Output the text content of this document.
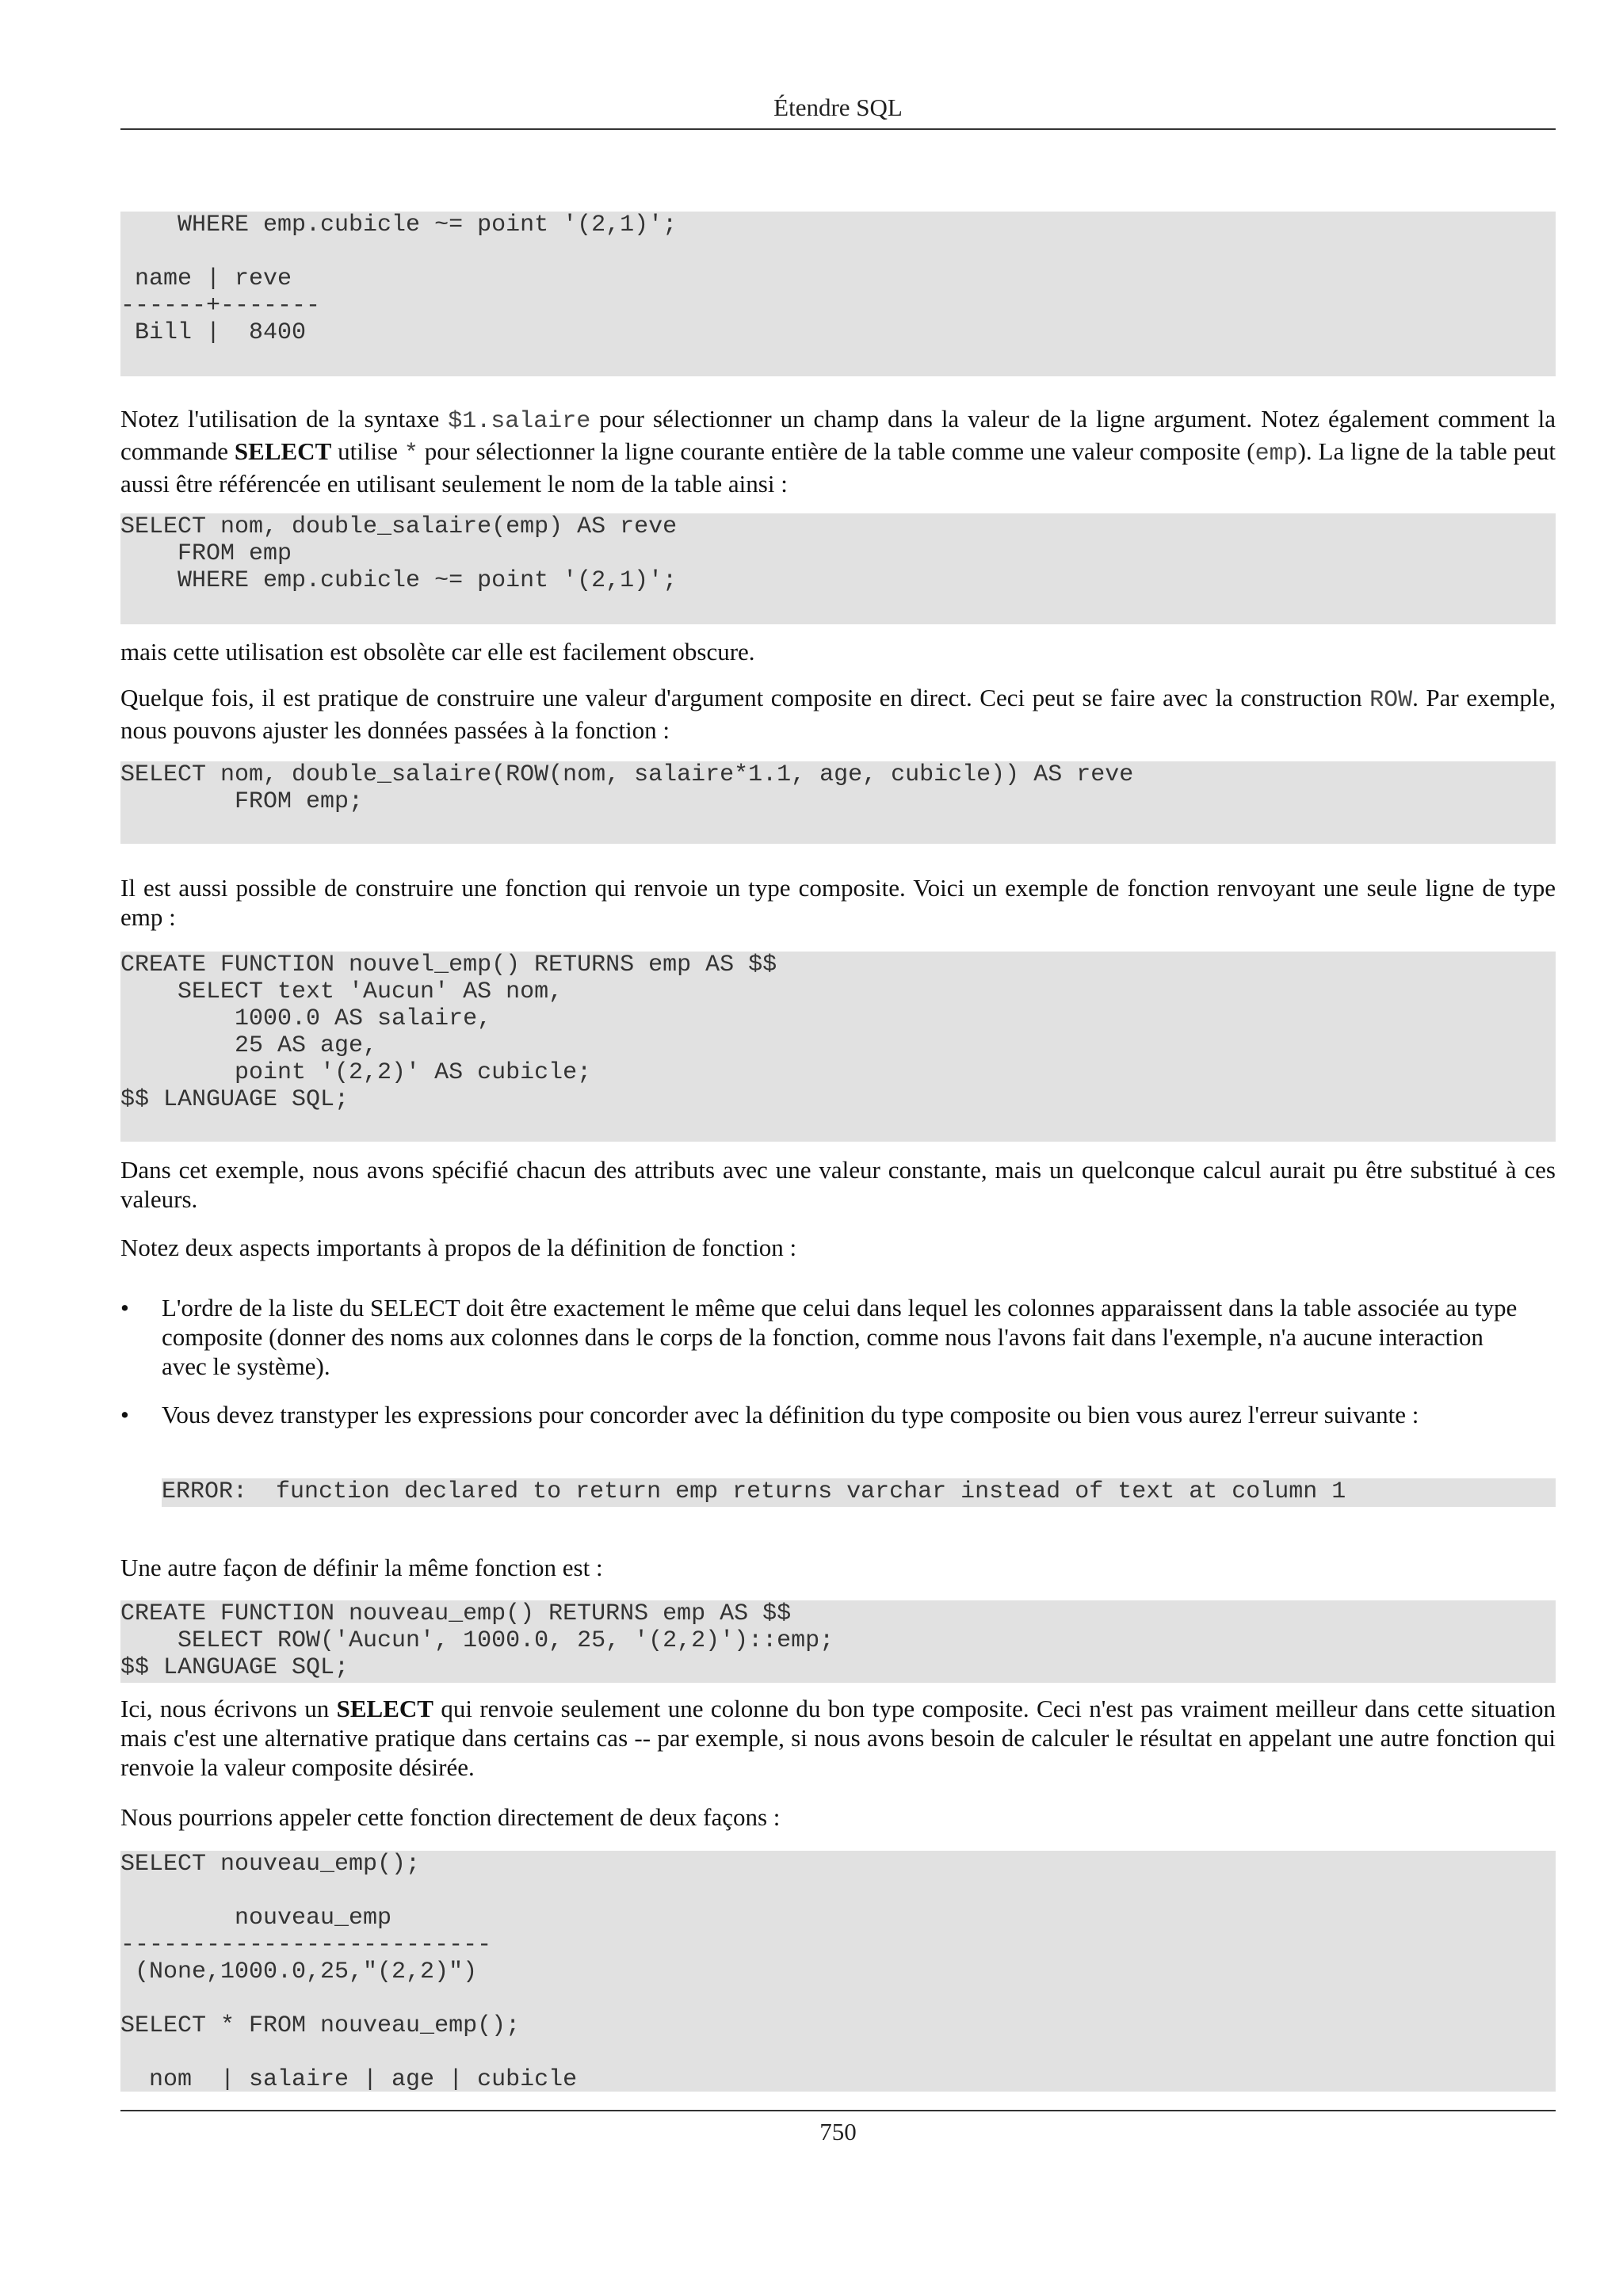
Étendre SQL
WHERE emp.cubicle ~= point '(2,1)';

name | reve
------+-------
Bill |  8400

Notez l'utilisation de la syntaxe $1.salaire pour sélectionner un champ dans la valeur de la ligne argument. Notez également comment la commande SELECT utilise * pour sélectionner la ligne courante entière de la table comme une valeur composite (emp). La ligne de la table peut aussi être référencée en utilisant seulement le nom de la table ainsi :

SELECT nom, double_salaire(emp) AS reve
FROM emp
WHERE emp.cubicle ~= point '(2,1)';

mais cette utilisation est obsolète car elle est facilement obscure.

Quelque fois, il est pratique de construire une valeur d'argument composite en direct. Ceci peut se faire avec la construction ROW. Par exemple, nous pouvons ajuster les données passées à la fonction :

SELECT nom, double_salaire(ROW(nom, salaire*1.1, age, cubicle)) AS reve
FROM emp;

Il est aussi possible de construire une fonction qui renvoie un type composite. Voici un exemple de fonction renvoyant une seule ligne de type emp :

CREATE FUNCTION nouvel_emp() RETURNS emp AS $$
SELECT text 'Aucun' AS nom,
1000.0 AS salaire,
25 AS age,
point '(2,2)' AS cubicle;
$$ LANGUAGE SQL;

Dans cet exemple, nous avons spécifié chacun des attributs avec une valeur constante, mais un quelconque calcul aurait pu être substitué à ces valeurs.

Notez deux aspects importants à propos de la définition de fonction :

• L'ordre de la liste du SELECT doit être exactement le même que celui dans lequel les colonnes apparaissent dans la table associée au type composite (donner des noms aux colonnes dans le corps de la fonction, comme nous l'avons fait dans l'exemple, n'a aucune interaction avec le système).
• Vous devez transtyper les expressions pour concorder avec la définition du type composite ou bien vous aurez l'erreur suivante :
ERROR:  function declared to return emp returns varchar instead of text at column 1

Une autre façon de définir la même fonction est :

CREATE FUNCTION nouveau_emp() RETURNS emp AS $$
SELECT ROW('Aucun', 1000.0, 25, '(2,2)')::emp;
$$ LANGUAGE SQL;

Ici, nous écrivons un SELECT qui renvoie seulement une colonne du bon type composite. Ceci n'est pas vraiment meilleur dans cette situation mais c'est une alternative pratique dans certains cas -- par exemple, si nous avons besoin de calculer le résultat en appelant une autre fonction qui renvoie la valeur composite désirée.

Nous pourrions appeler cette fonction directement de deux façons :

SELECT nouveau_emp();

nouveau_emp
--------------------------
(None,1000.0,25,"(2,2)")

SELECT * FROM nouveau_emp();

nom  | salaire | age | cubicle
750
